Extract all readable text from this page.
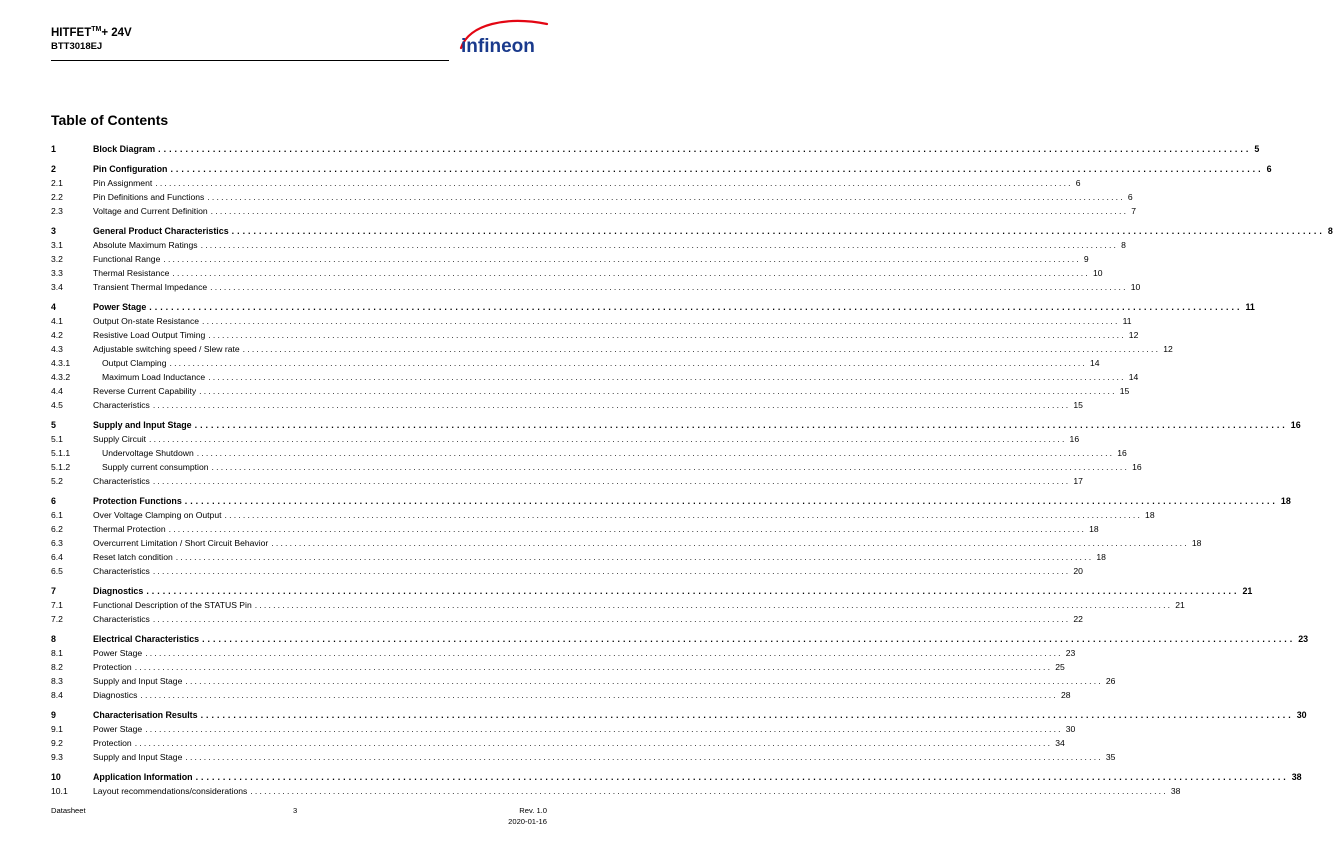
HITFET™+ 24V
BTT3018EJ	infineon
Table of Contents
1	Block Diagram ........................................................................................................................................................................................................ 5
2	Pin Configuration ........................................................................................................................................................................................................ 6
2.1	Pin Assignment ........................................................................................................................................................................................................ 6
2.2	Pin Definitions and Functions ........................................................................................................................................................................................................ 6
2.3	Voltage and Current Definition ........................................................................................................................................................................................................ 7
3	General Product Characteristics ........................................................................................................................................................................................................ 8
3.1	Absolute Maximum Ratings ........................................................................................................................................................................................................ 8
3.2	Functional Range ........................................................................................................................................................................................................ 9
3.3	Thermal Resistance ........................................................................................................................................................................................................ 10
3.4	Transient Thermal Impedance ........................................................................................................................................................................................................ 10
4	Power Stage ........................................................................................................................................................................................................ 11
4.1	Output On-state Resistance ........................................................................................................................................................................................................ 11
4.2	Resistive Load Output Timing ........................................................................................................................................................................................................ 12
4.3	Adjustable switching speed / Slew rate ........................................................................................................................................................................................................ 12
4.3.1	Output Clamping ........................................................................................................................................................................................................ 14
4.3.2	Maximum Load Inductance ........................................................................................................................................................................................................ 14
4.4	Reverse Current Capability ........................................................................................................................................................................................................ 15
4.5	Characteristics ........................................................................................................................................................................................................ 15
5	Supply and Input Stage ........................................................................................................................................................................................................ 16
5.1	Supply Circuit ........................................................................................................................................................................................................ 16
5.1.1	Undervoltage Shutdown ........................................................................................................................................................................................................ 16
5.1.2	Supply current consumption ........................................................................................................................................................................................................ 16
5.2	Characteristics ........................................................................................................................................................................................................ 17
6	Protection Functions ........................................................................................................................................................................................................ 18
6.1	Over Voltage Clamping on Output ........................................................................................................................................................................................................ 18
6.2	Thermal Protection ........................................................................................................................................................................................................ 18
6.3	Overcurrent Limitation / Short Circuit Behavior ........................................................................................................................................................................................................ 18
6.4	Reset latch condition ........................................................................................................................................................................................................ 18
6.5	Characteristics ........................................................................................................................................................................................................ 20
7	Diagnostics ........................................................................................................................................................................................................ 21
7.1	Functional Description of the STATUS Pin ........................................................................................................................................................................................................ 21
7.2	Characteristics ........................................................................................................................................................................................................ 22
8	Electrical Characteristics ........................................................................................................................................................................................................ 23
8.1	Power Stage ........................................................................................................................................................................................................ 23
8.2	Protection ........................................................................................................................................................................................................ 25
8.3	Supply and Input Stage ........................................................................................................................................................................................................ 26
8.4	Diagnostics ........................................................................................................................................................................................................ 28
9	Characterisation Results ........................................................................................................................................................................................................ 30
9.1	Power Stage ........................................................................................................................................................................................................ 30
9.2	Protection ........................................................................................................................................................................................................ 34
9.3	Supply and Input Stage ........................................................................................................................................................................................................ 35
10	Application Information ........................................................................................................................................................................................................ 38
10.1	Layout recommendations/considerations ........................................................................................................................................................................................................ 38
Datasheet	3	Rev. 1.0
2020-01-16
